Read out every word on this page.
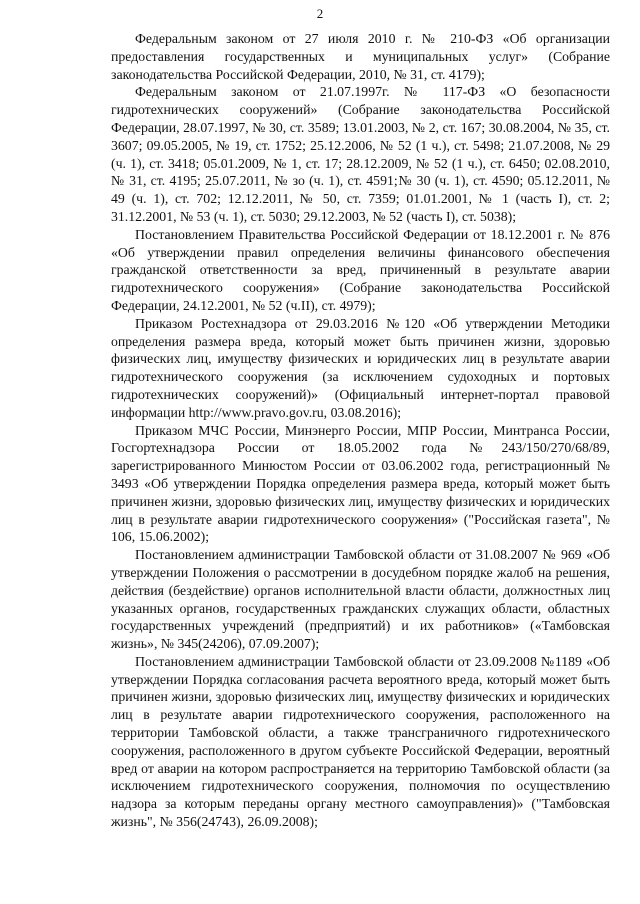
2

Федеральным законом от 27 июля 2010 г. № 210-ФЗ «Об организации предоставления государственных и муниципальных услуг» (Собрание законодательства Российской Федерации, 2010, № 31, ст. 4179);

Федеральным законом от 21.07.1997г. № 117-ФЗ «О безопасности гидротехнических сооружений» (Собрание законодательства Российской Федерации, 28.07.1997, № 30, ст. 3589; 13.01.2003, № 2, ст. 167; 30.08.2004, № 35, ст. 3607; 09.05.2005, № 19, ст. 1752; 25.12.2006, № 52 (1 ч.), ст. 5498; 21.07.2008, № 29 (ч. 1), ст. 3418; 05.01.2009, № 1, ст. 17; 28.12.2009, № 52 (1 ч.), ст. 6450; 02.08.2010, № 31, ст. 4195; 25.07.2011, № зо (ч. 1), ст. 4591;№ 30 (ч. 1), ст. 4590; 05.12.2011, № 49 (ч. 1), ст. 702; 12.12.2011, № 50, ст. 7359; 01.01.2001, № 1 (часть I), ст. 2; 31.12.2001, № 53 (ч. 1), ст. 5030; 29.12.2003, № 52 (часть I), ст. 5038);

Постановлением Правительства Российской Федерации от 18.12.2001 г. № 876 «Об утверждении правил определения величины финансового обеспечения гражданской ответственности за вред, причиненный в результате аварии гидротехнического сооружения» (Собрание законодательства Российской Федерации, 24.12.2001, № 52 (ч.II), ст. 4979);

Приказом Ростехнадзора от 29.03.2016 №120 «Об утверждении Методики определения размера вреда, который может быть причинен жизни, здоровью физических лиц, имуществу физических и юридических лиц в результате аварии гидротехнического сооружения (за исключением судоходных и портовых гидротехнических сооружений)» (Официальный интернет-портал правовой информации http://www.pravo.gov.ru, 03.08.2016);

Приказом МЧС России, Минэнерго России, МПР России, Минтранса России, Госгортехнадзора России от 18.05.2002 года №243/150/270/68/89, зарегистрированного Минюстом России от 03.06.2002 года, регистрационный № 3493 «Об утверждении Порядка определения размера вреда, который может быть причинен жизни, здоровью физических лиц, имуществу физических и юридических лиц в результате аварии гидротехнического сооружения» ("Российская газета", № 106, 15.06.2002);

Постановлением администрации Тамбовской области от 31.08.2007 № 969 «Об утверждении Положения о рассмотрении в досудебном порядке жалоб на решения, действия (бездействие) органов исполнительной власти области, должностных лиц указанных органов, государственных гражданских служащих области, областных государственных учреждений (предприятий) и их работников» («Тамбовская жизнь», № 345(24206), 07.09.2007);

Постановлением администрации Тамбовской области от 23.09.2008 №1189 «Об утверждении Порядка согласования расчета вероятного вреда, который может быть причинен жизни, здоровью физических лиц, имуществу физических и юридических лиц в результате аварии гидротехнического сооружения, расположенного на территории Тамбовской области, а также трансграничного гидротехнического сооружения, расположенного в другом субъекте Российской Федерации, вероятный вред от аварии на котором распространяется на территорию Тамбовской области (за исключением гидротехнического сооружения, полномочия по осуществлению надзора за которым переданы органу местного самоуправления)» ("Тамбовская жизнь", № 356(24743), 26.09.2008);
